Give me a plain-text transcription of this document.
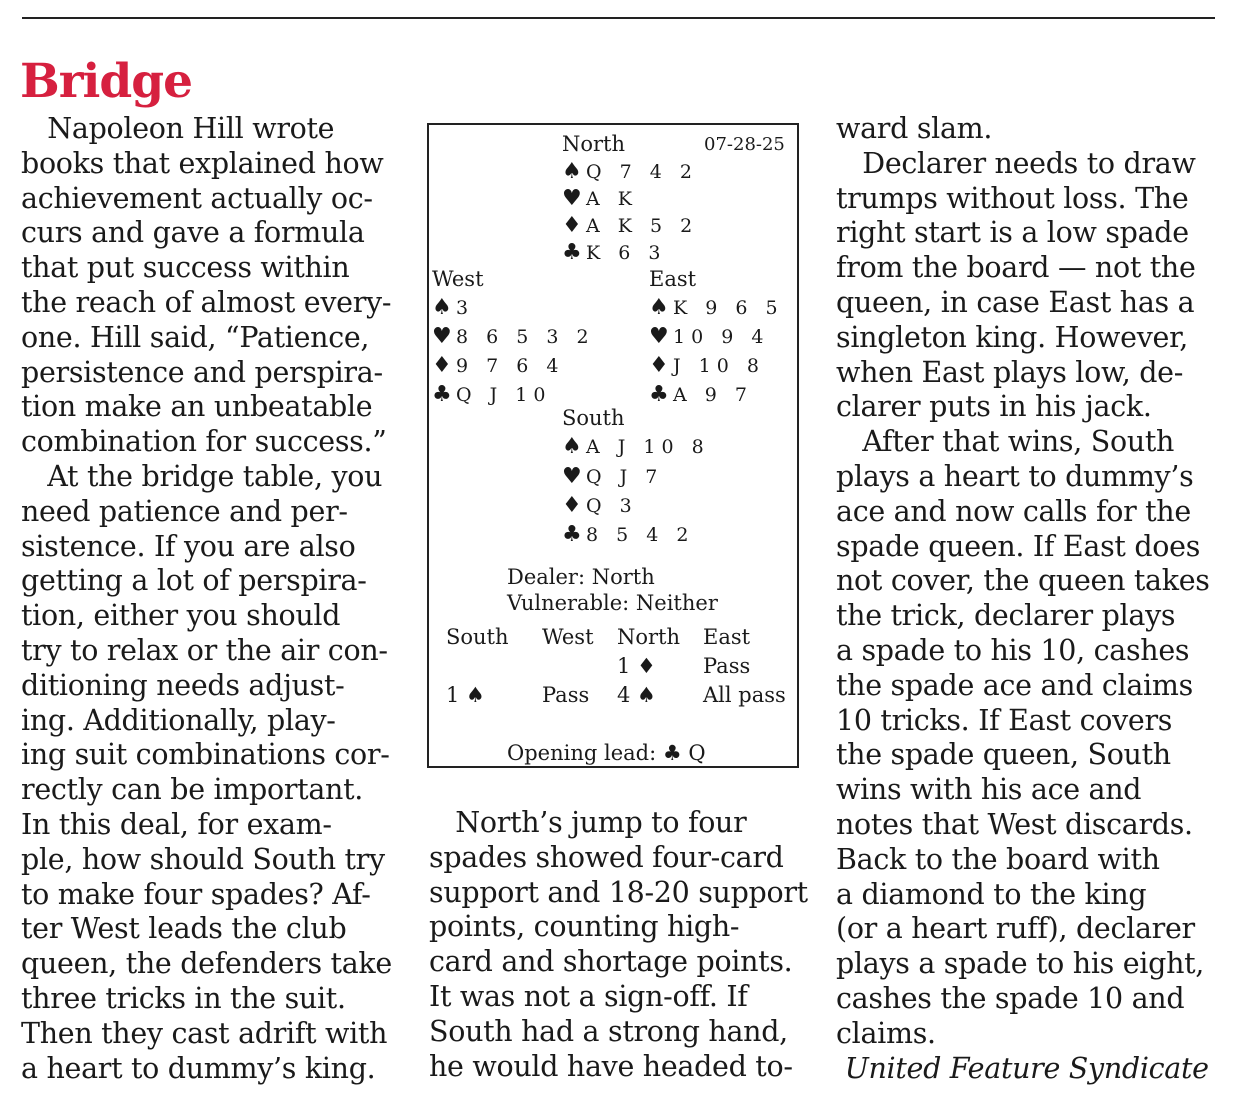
Bridge
Napoleon Hill wrote
books that explained how
achievement actually oc-
curs and gave a formula
that put success within
the reach of almost every-
one. Hill said, “Patience,
persistence and perspira-
tion make an unbeatable
combination for success.”
At the bridge table, you
need patience and per-
sistence. If you are also
getting a lot of perspira-
tion, either you should
try to relax or the air con-
ditioning needs adjust-
ing. Additionally, play-
ing suit combinations cor-
rectly can be important.
In this deal, for exam-
ple, how should South try
to make four spades? Af-
ter West leads the club
queen, the defenders take
three tricks in the suit.
Then they cast adrift with
a heart to dummy’s king.
North’s jump to four
spades showed four-card
support and 18-20 support
points, counting high-
card and shortage points.
It was not a sign-off. If
South had a strong hand,
he would have headed to-
ward slam.
Declarer needs to draw
trumps without loss. The
right start is a low spade
from the board — not the
queen, in case East has a
singleton king. However,
when East plays low, de-
clarer puts in his jack.
After that wins, South
plays a heart to dummy’s
ace and now calls for the
spade queen. If East does
not cover, the queen takes
the trick, declarer plays
a spade to his 10, cashes
the spade ace and claims
10 tricks. If East covers
the spade queen, South
wins with his ace and
notes that West discards.
Back to the board with
a diamond to the king
(or a heart ruff), declarer
plays a spade to his eight,
cashes the spade 10 and
claims.
United Feature Syndicate
North	07-28-25
♠ Q 7 4 2
♥ A K
♦ A K 5 2
♣ K 6 3
West
♠ 3
♥ 8 6 5 3 2
♦ 9 7 6 4
♣ Q J 10
East
♠ K 9 6 5
♥ 10 9 4
♦ J 10 8
♣ A 9 7
South
♠ A J 10 8
♥ Q J 7
♦ Q 3
♣ 8 5 4 2
Dealer: North
Vulnerable: Neither
South West North East
1 ♦ Pass
1 ♠	Pass 4 ♠ All pass
Opening lead: ♣ Q
